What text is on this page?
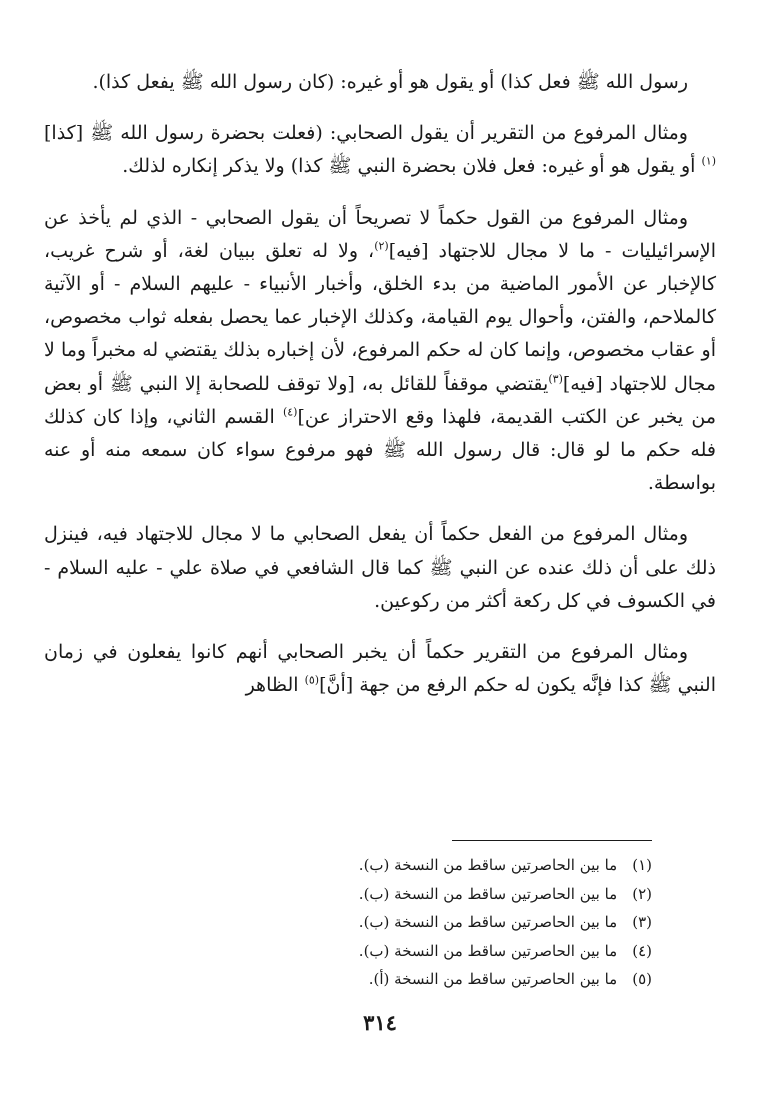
رسول الله ﷺ فعل كذا) أو يقول هو أو غيره: (كان رسول الله ﷺ يفعل كذا).

ومثال المرفوع من التقرير أن يقول الصحابي: (فعلت بحضرة رسول الله ﷺ [كذا]$^{(١)}$ أو يقول هو أو غيره: فعل فلان بحضرة النبي ﷺ كذا) ولا يذكر إنكاره لذلك.

ومثال المرفوع من القول حكماً لا تصريحاً أن يقول الصحابي - الذي لم يأخذ عن الإسرائيليات - ما لا مجال للاجتهاد [فيه]$^{(٢)}$، ولا له تعلق ببيان لغة، أو شرح غريب، كالإخبار عن الأمور الماضية من بدء الخلق، وأخبار الأنبياء - عليهم السلام - أو الآتية كالملاحم، والفتن، وأحوال يوم القيامة، وكذلك الإخبار عما يحصل بفعله ثواب مخصوص، أو عقاب مخصوص، وإنما كان له حكم المرفوع، لأن إخباره بذلك يقتضي له مخبراً وما لا مجال للاجتهاد [فيه]$^{(٣)}$يقتضي موقفاً للقائل به، [ولا توقف للصحابة إلا النبي ﷺ أو بعض من يخبر عن الكتب القديمة، فلهذا وقع الاحتراز عن]$^{(٤)}$ القسم الثاني، وإذا كان كذلك فله حكم ما لو قال: قال رسول الله ﷺ فهو مرفوع سواء كان سمعه منه أو عنه بواسطة.

ومثال المرفوع من الفعل حكماً أن يفعل الصحابي ما لا مجال للاجتهاد فيه، فينزل ذلك على أن ذلك عنده عن النبي ﷺ كما قال الشافعي في صلاة علي - عليه السلام - في الكسوف في كل ركعة أكثر من ركوعين.

ومثال المرفوع من التقرير حكماً أن يخبر الصحابي أنهم كانوا يفعلون في زمان النبي ﷺ كذا فإنَّه يكون له حكم الرفع من جهة [أنَّ]$^{(٥)}$ الظاهر

(١) ما بين الحاصرتين ساقط من النسخة (ب).
(٢) ما بين الحاصرتين ساقط من النسخة (ب).
(٣) ما بين الحاصرتين ساقط من النسخة (ب).
(٤) ما بين الحاصرتين ساقط من النسخة (ب).
(٥) ما بين الحاصرتين ساقط من النسخة (أ).
٣١٤
